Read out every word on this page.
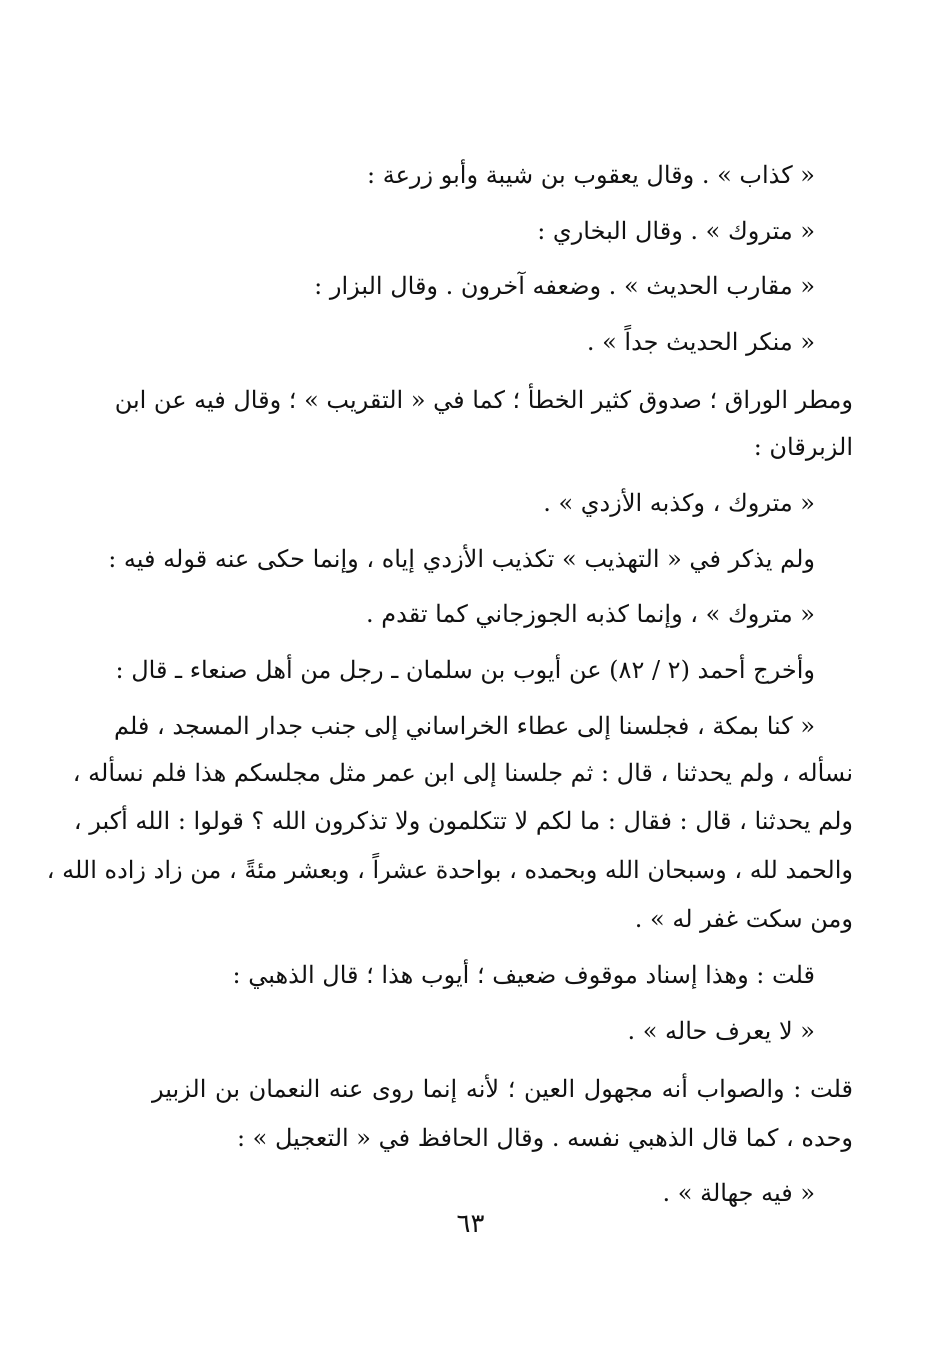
« كذاب » . وقال يعقوب بن شيبة وأبو زرعة :
« متروك » . وقال البخاري :
« مقارب الحديث » . وضعفه آخرون . وقال البزار :
« منكر الحديث جداً » .
ومطر الوراق ؛ صدوق كثير الخطأ ؛ كما في « التقريب » ؛ وقال فيه عن ابن
الزبرقان :
« متروك ، وكذبه الأزدي » .
ولم يذكر في « التهذيب » تكذيب الأزدي إياه ، وإنما حكى عنه قوله فيه :
« متروك » ، وإنما كذبه الجوزجاني كما تقدم .
وأخرج أحمد (٢ / ٨٢) عن أيوب بن سلمان ـ رجل من أهل صنعاء ـ قال :
« كنا بمكة ، فجلسنا إلى عطاء الخراساني إلى جنب جدار المسجد ، فلم
نسأله ، ولم يحدثنا ، قال : ثم جلسنا إلى ابن عمر مثل مجلسكم هذا فلم نسأله ،
ولم يحدثنا ، قال : فقال : ما لكم لا تتكلمون ولا تذكرون الله ؟ قولوا : الله أكبر ،
والحمد لله ، وسبحان الله وبحمده ، بواحدة عشراً ، وبعشر مئةً ، من زاد زاده الله ،
ومن سكت غفر له » .
قلت : وهذا إسناد موقوف ضعيف ؛ أيوب هذا ؛ قال الذهبي :
« لا يعرف حاله » .
قلت : والصواب أنه مجهول العين ؛ لأنه إنما روى عنه النعمان بن الزبير
وحده ، كما قال الذهبي نفسه . وقال الحافظ في « التعجيل » :
« فيه جهالة » .
٦٣
